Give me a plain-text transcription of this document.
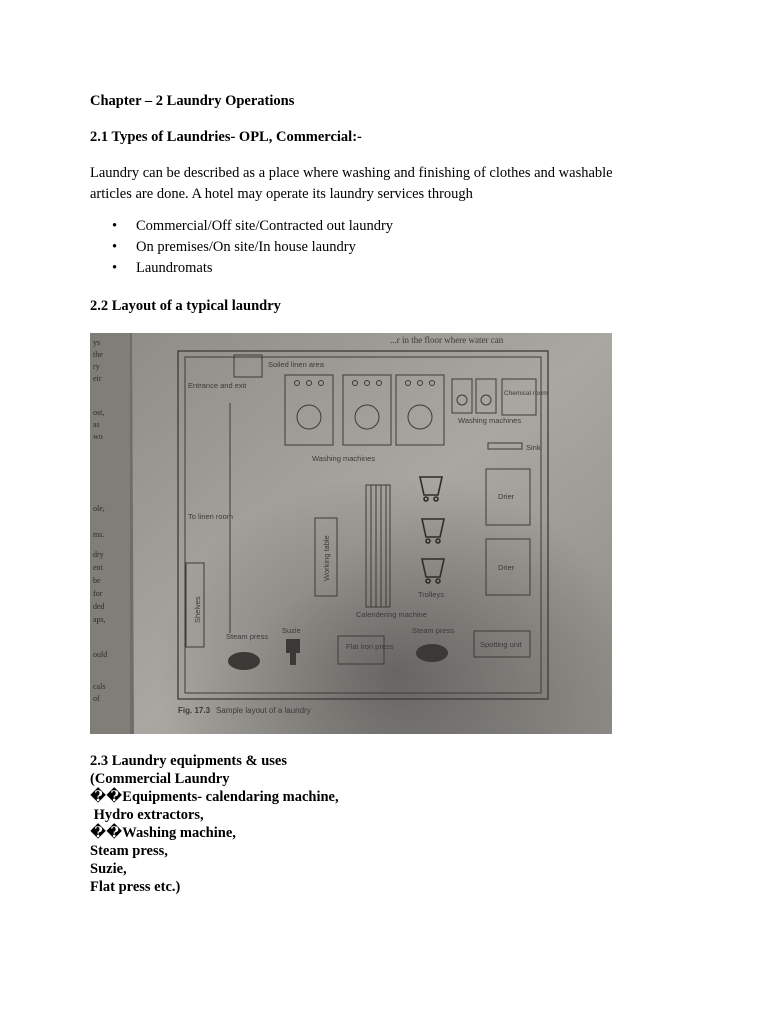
Chapter – 2 Laundry Operations
2.1 Types of Laundries- OPL, Commercial:-

Laundry can be described as a place where washing and finishing of clothes and washable articles are done. A hotel may operate its laundry services through

• Commercial/Off site/Contracted out laundry
• On premises/On site/In house laundry
• Laundromats
2.2 Layout of a typical laundry
ys
the
ry
eir
ost,
as
wo
ole,
ms.
dry
ent
be
for
ded
aps,
ould
cals
of
...r in the floor where water can
Soiled linen area
Entrance and exit
Washing machines
Washing machines
Chemical room
Sink
Drier
Drier
To linen room
Shelves
Working table
Calendering machine
Trolleys
Steam press
Suzie
Flat iron press
Steam press
Spotting unit
Fig. 17.3 Sample layout of a laundry
2.3 Laundry equipments & uses
(Commercial Laundry
��Equipments- calendaring machine,
Hydro extractors,
��Washing machine,
Steam press,
Suzie,
Flat press etc.)
